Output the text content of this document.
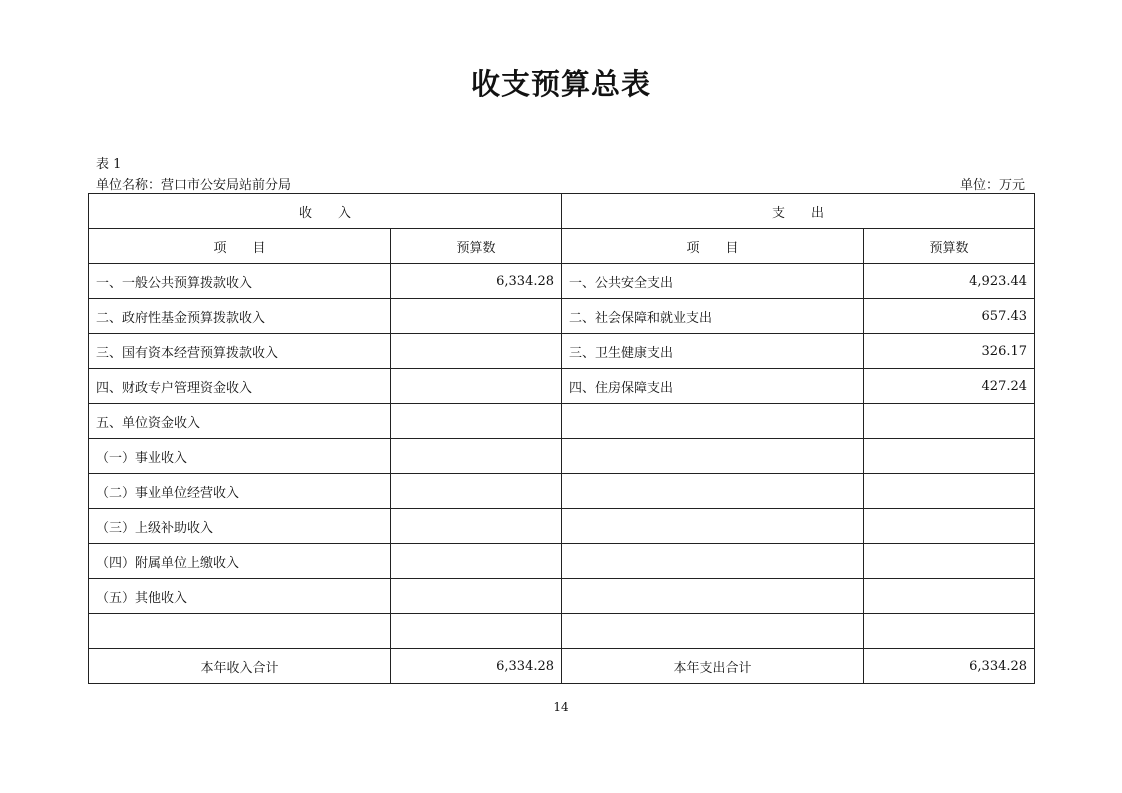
收支预算总表
表 1
单位名称：营口市公安局站前分局	单位：万元
收　　入		支　　出	
项　　目	预算数	项　　目	预算数
一、一般公共预算拨款收入	6,334.28	一、公共安全支出	4,923.44
二、政府性基金预算拨款收入		二、社会保障和就业支出	657.43
三、国有资本经营预算拨款收入		三、卫生健康支出	326.17
四、财政专户管理资金收入		四、住房保障支出	427.24
五、单位资金收入			
（一）事业收入			
（二）事业单位经营收入			
（三）上级补助收入			
（四）附属单位上缴收入			
（五）其他收入			

本年收入合计	6,334.28	本年支出合计	6,334.28
14
